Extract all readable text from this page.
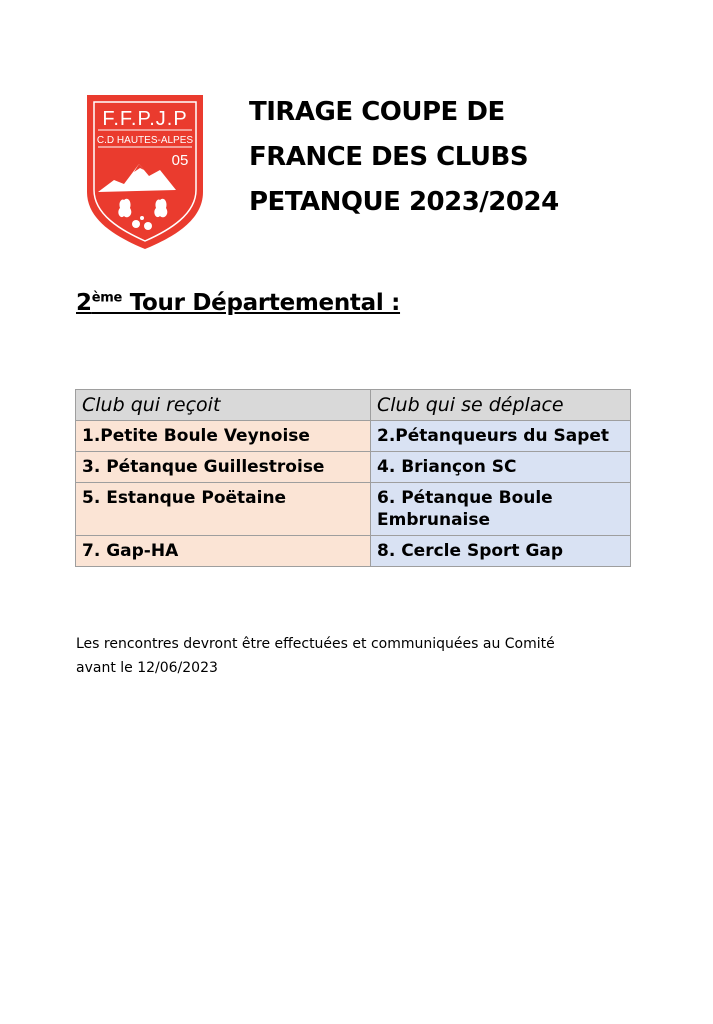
F.F.P.J.P
C.D HAUTES-ALPES
05
TIRAGE COUPE DE
FRANCE DES CLUBS
PETANQUE 2023/2024
2ème Tour Départemental :
Club qui reçoit	Club qui se déplace
1.Petite Boule Veynoise	2.Pétanqueurs du Sapet
3. Pétanque Guillestroise	4. Briançon SC
5. Estanque Poëtaine	6. Pétanque Boule Embrunaise
7. Gap-HA	8. Cercle Sport Gap
Les rencontres devront être effectuées et communiquées au Comité
avant le 12/06/2023
